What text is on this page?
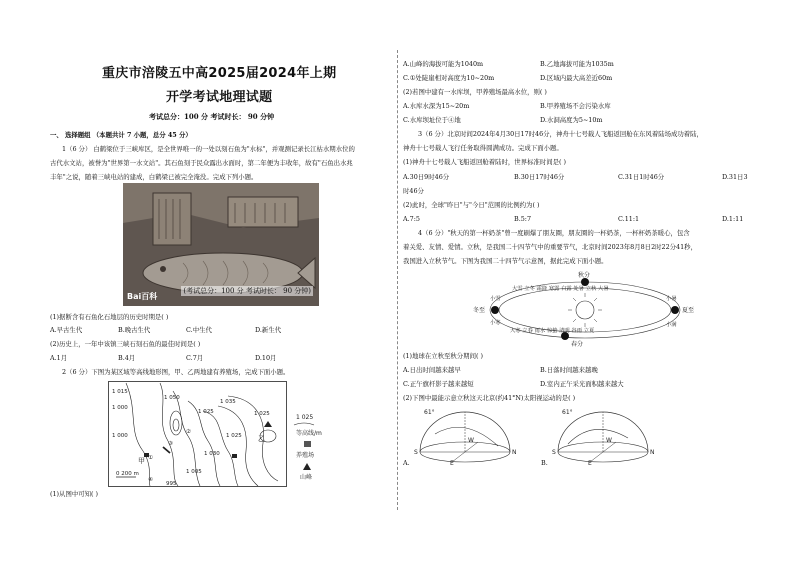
重庆市涪陵五中高2025届2024年上期
开学考试地理试题
考试总分：100 分 考试时长： 90 分钟
一、 选择题组 （本题共计 7 小题，总分 45 分）
1（6 分） 白鹤梁位于三峡库区，是全世界唯一的一处以刻石鱼为"水标"，并观测记录长江枯水期水位的
古代水文站，被誉为"世界第一水文站"。其石鱼刻于民众露出水面时，第二年便为丰收年，故有"石鱼出水兆
丰年"之说，随着三峡电站的建成，白鹤梁已被完全淹没。完成下列小题。
Bai百科
(考试总分：100 分 考试时长： 90 分钟)
(1)据断含有石鱼化石地层的历史时期是( )
A.早古生代	B.晚古生代	C.中生代	D.新生代
(2)历史上，一年中该镇三峡石刻石鱼的最佳时间是( )
A.1月	B.4月	C.7月	D.10月
2（6 分）下图为某区域等高线地形图，甲、乙两地建有养殖场，完成下面小题。
1 015
1 000
1 000
1 050
995
1 025
1 035
1 025
1 030
1 025
1 005
①
②
③
④
甲
乙
0 200 m
1 025
等高线/m
养殖场
山峰
(1)从图中可知( )
A.山峰的海拔可能为1040m	B.乙地海拔可能为1035m
C.①处陡崖相对高度为10~20m	D.区域内最大高差近60m
(2)若图中建有一水库坝，甲养殖场最高水位，则( )
A.水库水深为15~20m	B.甲养殖场不会污染水库
C.水库坝址位于④地	D.水洞高度为5~10m
3（6 分）北京时间2024年4月30日17时46分，神舟十七号载人飞船返回舱在东风着陆场成功着陆，
神舟十七号载人飞行任务取得圆满成功。完成下面小题。
(1)神舟十七号载人飞船返回舱着陆时，世界标准时间是( )
A.30日9时46分	B.30日17时46分	C.31日1时46分	D.31日3
时46分
(2)此时，全球"昨日"与"今日"范围的比例约为( )
A.7:5	B.5:7	C.11:1	D.1:11
4（6 分）"秋天的第一杯奶茶"曾一度刷爆了朋友圈，朋友圈的一杯奶茶，一杯杯奶茶暖心，包含
着关爱、友情、爱情。立秋，是我国二十四节气中的重要节气，北京时间2023年8月8日2时22分41秒，
我国进入立秋节气。下图为我国二十四节气示意图，据此完成下面小题。
冬至	夏至
秋分
春分
大雪 立冬 霜降 寒露 白露 处暑 立秋 大暑
小雪
小寒
小暑
小满
大寒 立春 雨水 惊蛰 清明 谷雨 立夏
(1)地球在立秋至秋分期间( )
A.日出时间越来越早	B.日落时间越来越晚
C.正午旗杆影子越来越短	D.室内正午采光面积越来越大
(2)下图中最能示意立秋这天北京(约41°N)太阳视运动的是( )
61°
S
W
E
N
A.
61°
S
W
E
N
B.
